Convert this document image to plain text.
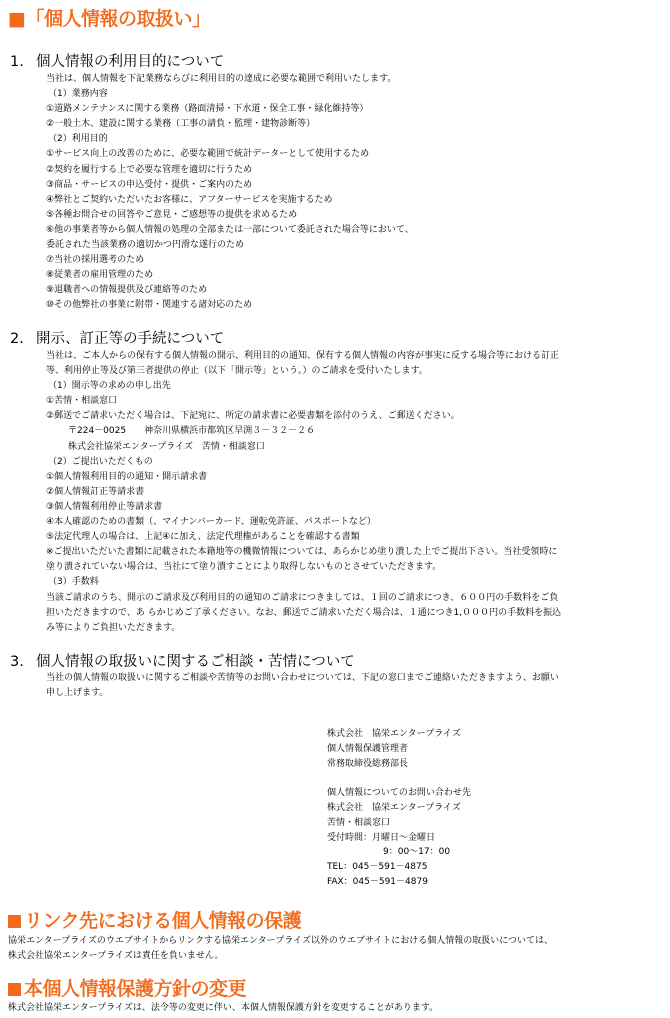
■「個人情報の取扱い」
1. 個人情報の利用目的について
当社は、個人情報を下記業務ならびに利用目的の達成に必要な範囲で利用いたします。
（1）業務内容
①道路メンテナンスに関する業務（路面清掃・下水道・保全工事・緑化維持等）
②一般土木、建設に関する業務（工事の請負・監理・建物診断等）
（2）利用目的
①サービス向上の改善のために、必要な範囲で統計データーとして使用するため
②契約を履行する上で必要な管理を適切に行うため
③商品・サービスの申込受付・提供・ご案内のため
④弊社とご契約いただいたお客様に、アフターサービスを実施するため
⑤各種お問合せの回答やご意見・ご感想等の提供を求めるため
⑥他の事業者等から個人情報の処理の全部または一部について委託された場合等において、
委託された当該業務の適切かつ円滑な遂行のため
⑦当社の採用選考のため
⑧従業者の雇用管理のため
⑨退職者への情報提供及び連絡等のため
⑩その他弊社の事業に附帯・関連する諸対応のため
2. 開示、訂正等の手続について
当社は、ご本人からの保有する個人情報の開示、利用目的の通知、保有する個人情報の内容が事実に反する場合等における訂正
等、利用停止等及び第三者提供の停止（以下「開示等」という。）のご請求を受付いたします。
（1）開示等の求めの申し出先
①苦情・相談窓口
②郵送でご請求いただく場合は、下記宛に、所定の請求書に必要書類を添付のうえ、ご郵送ください。
〒224－0025　　神奈川県横浜市都筑区早渕３－３２－２６
株式会社協栄エンタープライズ　苦情・相談窓口
（2）ご提出いただくもの
①個人情報利用目的の通知・開示請求書
②個人情報訂正等請求書
③個人情報利用停止等請求書
④本人確認のための書類（、マイナンバーカード、運転免許証、パスポートなど）
⑤法定代理人の場合は、上記④に加え、法定代理権があることを確認する書類
※ご提出いただいた書類に記載された本籍地等の機微情報については、あらかじめ塗り潰した上でご提出下さい。当社受領時に
塗り潰されていない場合は、当社にて塗り潰すことにより取得しないものとさせていただきます。
（3）手数料
当該ご請求のうち、開示のご請求及び利用目的の通知のご請求につきましては、１回のご請求につき、６００円の手数料をご負
担いただきますので、あ らかじめご了承ください。なお、郵送でご請求いただく場合は、１通につき1,０００円の手数料を振込
み等によりご負担いただきます。
3. 個人情報の取扱いに関するご相談・苦情について
当社の個人情報の取扱いに関するご相談や苦情等のお問い合わせについては、下記の窓口までご連絡いただきますよう、お願い
申し上げます。
株式会社　協栄エンタープライズ
個人情報保護管理者
常務取締役総務部長
個人情報についてのお問い合わせ先
株式会社　協栄エンタープライズ
苦情・相談窓口
受付時間：月曜日～金曜日
9：00～17：00
TEL：045－591－4875
FAX：045－591－4879
リンク先における個人情報の保護
協栄エンタープライズのウエブサイトからリンクする協栄エンタープライズ以外のウエブサイトにおける個人情報の取扱いについては、
株式会社協栄エンタープライズは責任を負いません。
本個人情報保護方針の変更
株式会社協栄エンタープライズは、法令等の変更に伴い、本個人情報保護方針を変更することがあります。
